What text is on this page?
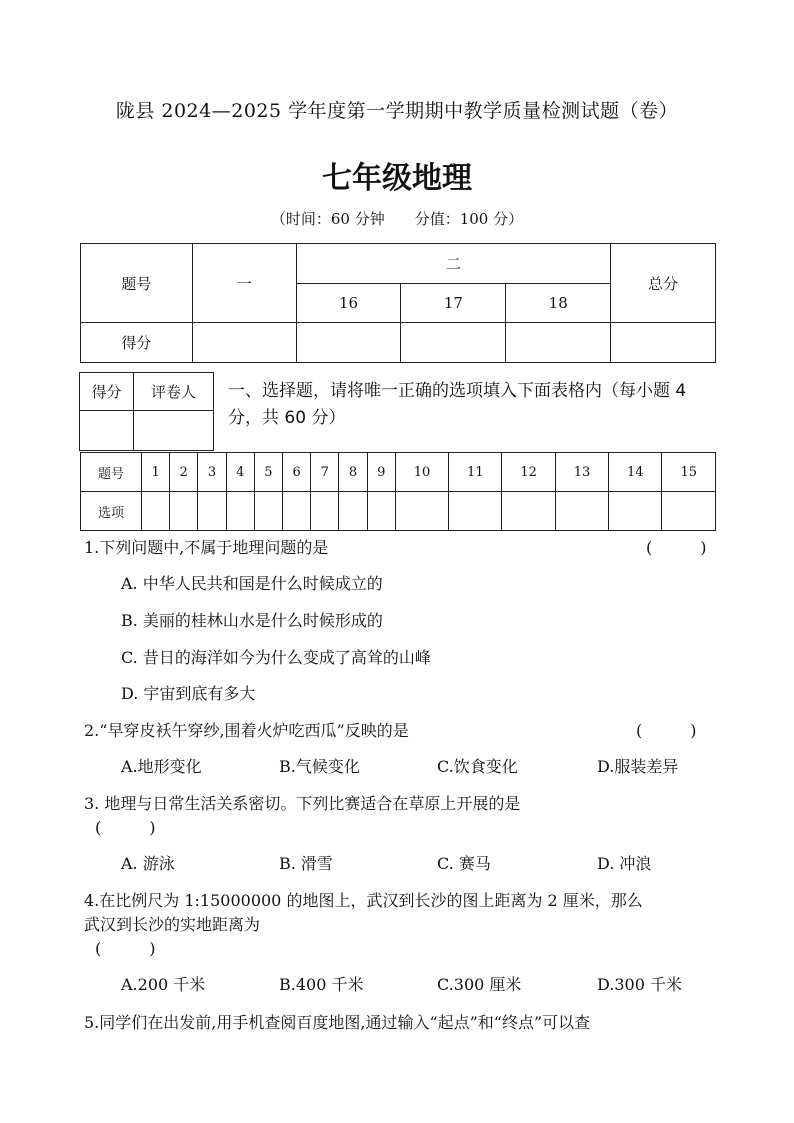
陇县 2024—2025 学年度第一学期期中教学质量检测试题（卷）
七年级地理
（时间：60 分钟　　分值：100 分）
题号	一	二			总分
		16	17	18	
得分					
得分	评卷人
	一、选择题，请将唯一正确的选项填入下面表格内（每小题 4 分，共 60 分）
题号	1	2	3	4	5	6	7	8	9	10	11	12	13	14	15
选项															
1.下列问题中,不属于地理问题的是	(　　　)
A. 中华人民共和国是什么时候成立的
B. 美丽的桂林山水是什么时候形成的
C. 昔日的海洋如今为什么变成了高耸的山峰
D. 宇宙到底有多大
2.“早穿皮袄午穿纱,围着火炉吃西瓜”反映的是	(　　　)
A.地形变化	B.气候变化	C.饮食变化	D.服装差异
3. 地理与日常生活关系密切。下列比赛适合在草原上开展的是
(　　　)
A. 游泳	B. 滑雪	C. 赛马	D. 冲浪
4.在比例尺为 1:15000000 的地图上，武汉到长沙的图上距离为 2 厘米，那么
武汉到长沙的实地距离为
(　　　)
A.200 千米	B.400 千米	C.300 厘米	D.300 千米
5.同学们在出发前,用手机查阅百度地图,通过输入“起点”和“终点”可以查
